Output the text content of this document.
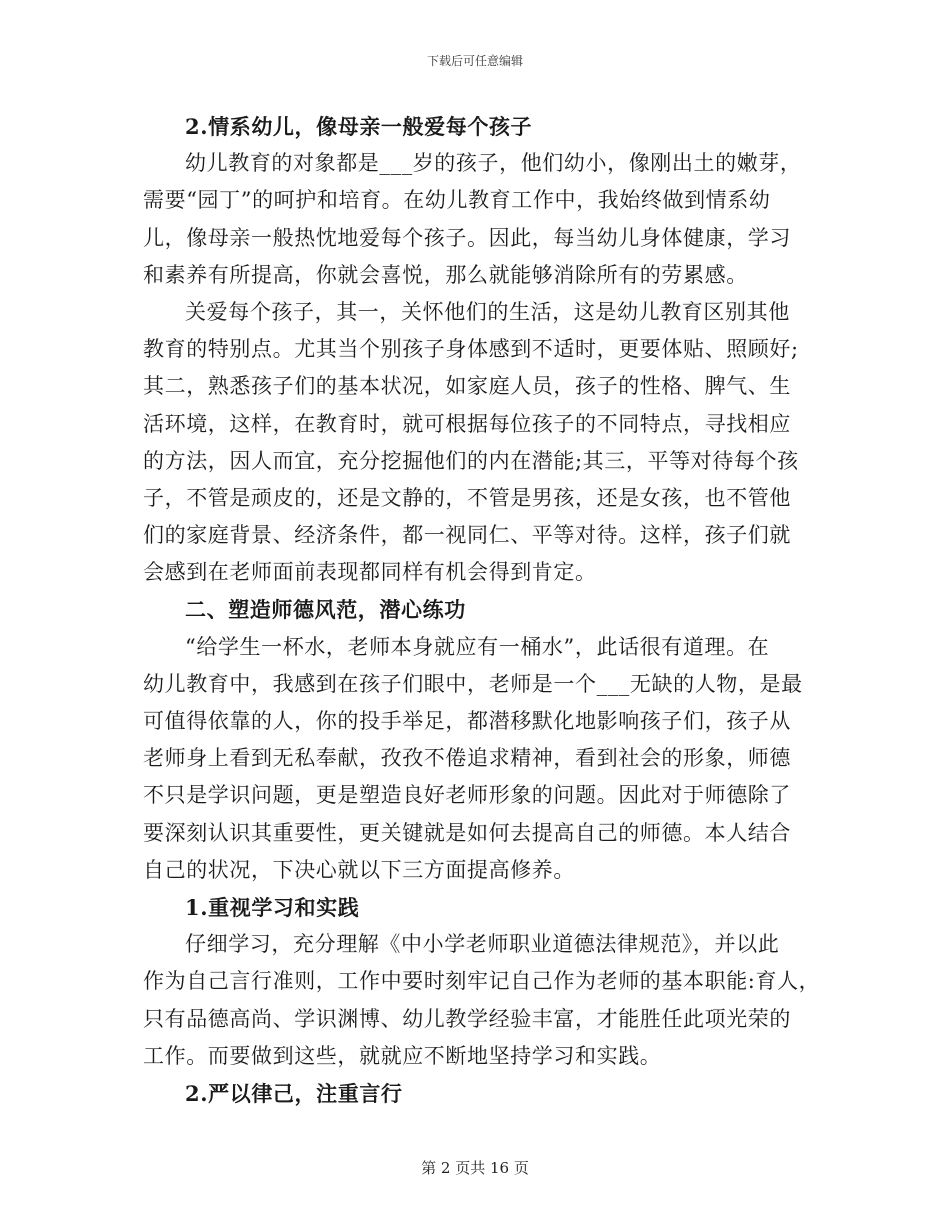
下载后可任意编辑
2.情系幼儿，像母亲一般爱每个孩子
幼儿教育的对象都是___岁的孩子，他们幼小，像刚出土的嫩芽，
需要“园丁”的呵护和培育。在幼儿教育工作中，我始终做到情系幼
儿，像母亲一般热忱地爱每个孩子。因此，每当幼儿身体健康，学习
和素养有所提高，你就会喜悦，那么就能够消除所有的劳累感。
关爱每个孩子，其一，关怀他们的生活，这是幼儿教育区别其他
教育的特别点。尤其当个别孩子身体感到不适时，更要体贴、照顾好;
其二，熟悉孩子们的基本状况，如家庭人员，孩子的性格、脾气、生
活环境，这样，在教育时，就可根据每位孩子的不同特点，寻找相应
的方法，因人而宜，充分挖掘他们的内在潜能;其三，平等对待每个孩
子，不管是顽皮的，还是文静的，不管是男孩，还是女孩，也不管他
们的家庭背景、经济条件，都一视同仁、平等对待。这样，孩子们就
会感到在老师面前表现都同样有机会得到肯定。
二、塑造师德风范，潜心练功
“给学生一杯水，老师本身就应有一桶水”，此话很有道理。在
幼儿教育中，我感到在孩子们眼中，老师是一个___无缺的人物，是最
可值得依靠的人，你的投手举足，都潜移默化地影响孩子们，孩子从
老师身上看到无私奉献，孜孜不倦追求精神，看到社会的形象，师德
不只是学识问题，更是塑造良好老师形象的问题。因此对于师德除了
要深刻认识其重要性，更关键就是如何去提高自己的师德。本人结合
自己的状况，下决心就以下三方面提高修养。
1.重视学习和实践
仔细学习，充分理解《中小学老师职业道德法律规范》，并以此
作为自己言行准则，工作中要时刻牢记自己作为老师的基本职能:育人，
只有品德高尚、学识渊博、幼儿教学经验丰富，才能胜任此项光荣的
工作。而要做到这些，就就应不断地坚持学习和实践。
2.严以律己，注重言行
第 2 页共 16 页
